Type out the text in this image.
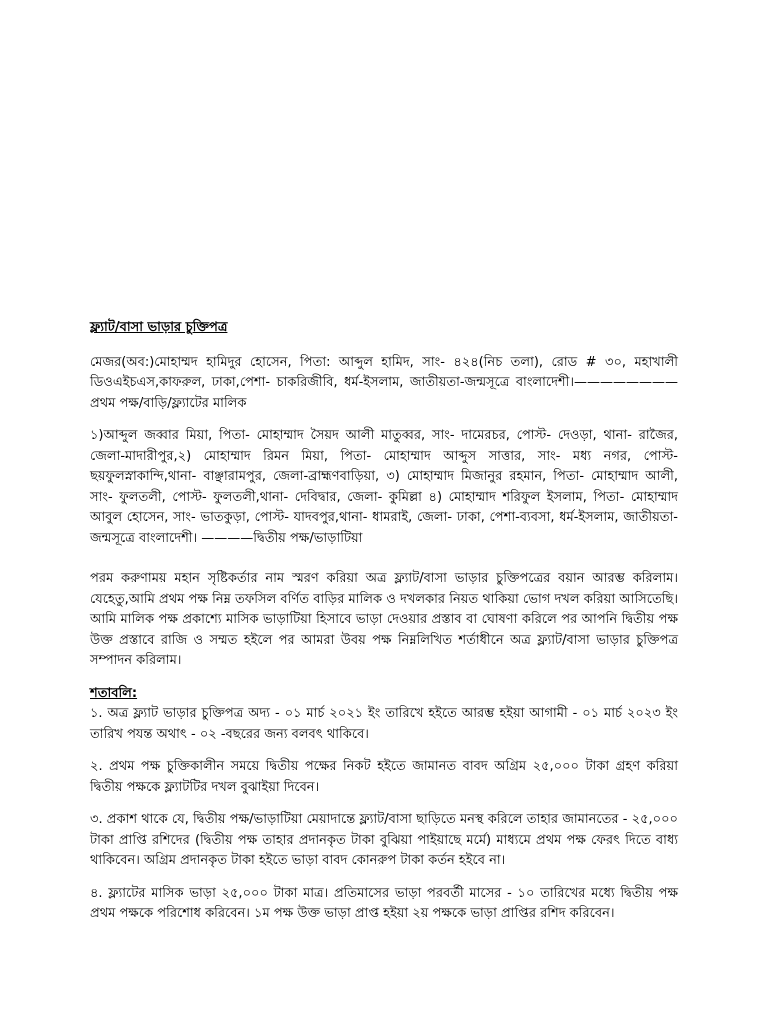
ফ্ল্যাট/বাসা ভাড়ার চুক্তিপত্র

মেজর(অব:)মোহাম্মদ হামিদুর হোসেন, পিতা: আব্দুল হামিদ, সাং- ৪২৪(নিচ তলা), রোড # ৩০, মহাখালী ডিওএইচএস,কাফরুল, ঢাকা,পেশা- চাকরিজীবি, ধর্ম-ইসলাম, জাতীয়তা-জন্মসূত্রে বাংলাদেশী।———————— প্রথম পক্ষ/বাড়ি/ফ্ল্যাটের মালিক

১)আব্দুল জব্বার মিয়া, পিতা- মোহাম্মাদ সৈয়দ আলী মাতুব্বর, সাং- দামেরচর, পোস্ট- দেওড়া, থানা- রাজৈর, জেলা-মাদারীপুর,২) মোহাম্মাদ রিমন মিয়া, পিতা- মোহাম্মাদ আব্দুস সাত্তার, সাং- মধ্য নগর, পোস্ট- ছয়ফুলস্নাকান্দি,থানা- বাঞ্ছারামপুর, জেলা-ব্রাহ্মণবাড়িয়া, ৩) মোহাম্মাদ মিজানুর রহমান, পিতা- মোহাম্মাদ আলী, সাং- ফুলতলী, পোস্ট- ফুলতলী,থানা- দেবিদ্বার, জেলা- কুমিল্লা ৪) মোহাম্মাদ শরিফুল ইসলাম, পিতা- মোহাম্মাদ আবুল হোসেন, সাং- ভাতকুড়া, পোস্ট- যাদবপুর,থানা- ধামরাই, জেলা- ঢাকা, পেশা-ব্যবসা, ধর্ম-ইসলাম, জাতীয়তা-জন্মসূত্রে বাংলাদেশী। ————দ্বিতীয় পক্ষ/ভাড়াটিয়া

পরম করুণাময় মহান সৃষ্টিকর্তার নাম স্মরণ করিয়া অত্র ফ্ল্যাট/বাসা ভাড়ার চুক্তিপত্রের বয়ান আরম্ভ করিলাম। যেহেতু,আমি প্রথম পক্ষ নিম্ন তফসিল বর্ণিত বাড়ির মালিক ও দখলকার নিয়ত থাকিয়া ভোগ দখল করিয়া আসিতেছি। আমি মালিক পক্ষ প্রকাশ্যে মাসিক ভাড়াটিয়া হিসাবে ভাড়া দেওয়ার প্রস্তাব বা ঘোষণা করিলে পর আপনি দ্বিতীয় পক্ষ উক্ত প্রস্তাবে রাজি ও সম্মত হইলে পর আমরা উবয় পক্ষ নিম্নলিখিত শর্তাধীনে অত্র ফ্ল্যাট/বাসা ভাড়ার চুক্তিপত্র সম্পাদন করিলাম।

শতাবলি:

১. অত্র ফ্ল্যাট ভাড়ার চুক্তিপত্র অদ্য - ০১ মার্চ ২০২১ ইং তারিখে হইতে আরম্ভ হইয়া আগামী - ০১ মার্চ ২০২৩ ইং তারিখ পযন্ত অথাৎ - ০২ -বছরের জন্য বলবৎ থাকিবে।

২. প্রথম পক্ষ চুক্তিকালীন সময়ে দ্বিতীয় পক্ষের নিকট হইতে জামানত বাবদ অগ্রিম ২৫,০০০ টাকা গ্রহণ করিয়া দ্বিতীয় পক্ষকে ফ্ল্যাটটির দখল বুঝাইয়া দিবেন।

৩. প্রকাশ থাকে যে, দ্বিতীয় পক্ষ/ভাড়াটিয়া মেয়াদান্তে ফ্ল্যাট/বাসা ছাড়িতে মনস্থ করিলে তাহার জামানতের - ২৫,০০০ টাকা প্রাপ্তি রশিদের (দ্বিতীয় পক্ষ তাহার প্রদানকৃত টাকা বুঝিয়া পাইয়াছে মর্মে) মাধ্যমে প্রথম পক্ষ ফেরৎ দিতে বাধ্য থাকিবেন। অগ্রিম প্রদানকৃত টাকা হইতে ভাড়া বাবদ কোনরুপ টাকা কর্তন হইবে না।

৪. ফ্ল্যাটের মাসিক ভাড়া ২৫,০০০ টাকা মাত্র। প্রতিমাসের ভাড়া পরবর্তী মাসের - ১০ তারিখের মধ্যে দ্বিতীয় পক্ষ প্রথম পক্ষকে পরিশোধ করিবেন। ১ম পক্ষ উক্ত ভাড়া প্রাপ্ত হইয়া ২য় পক্ষকে ভাড়া প্রাপ্তির রশিদ করিবেন।
